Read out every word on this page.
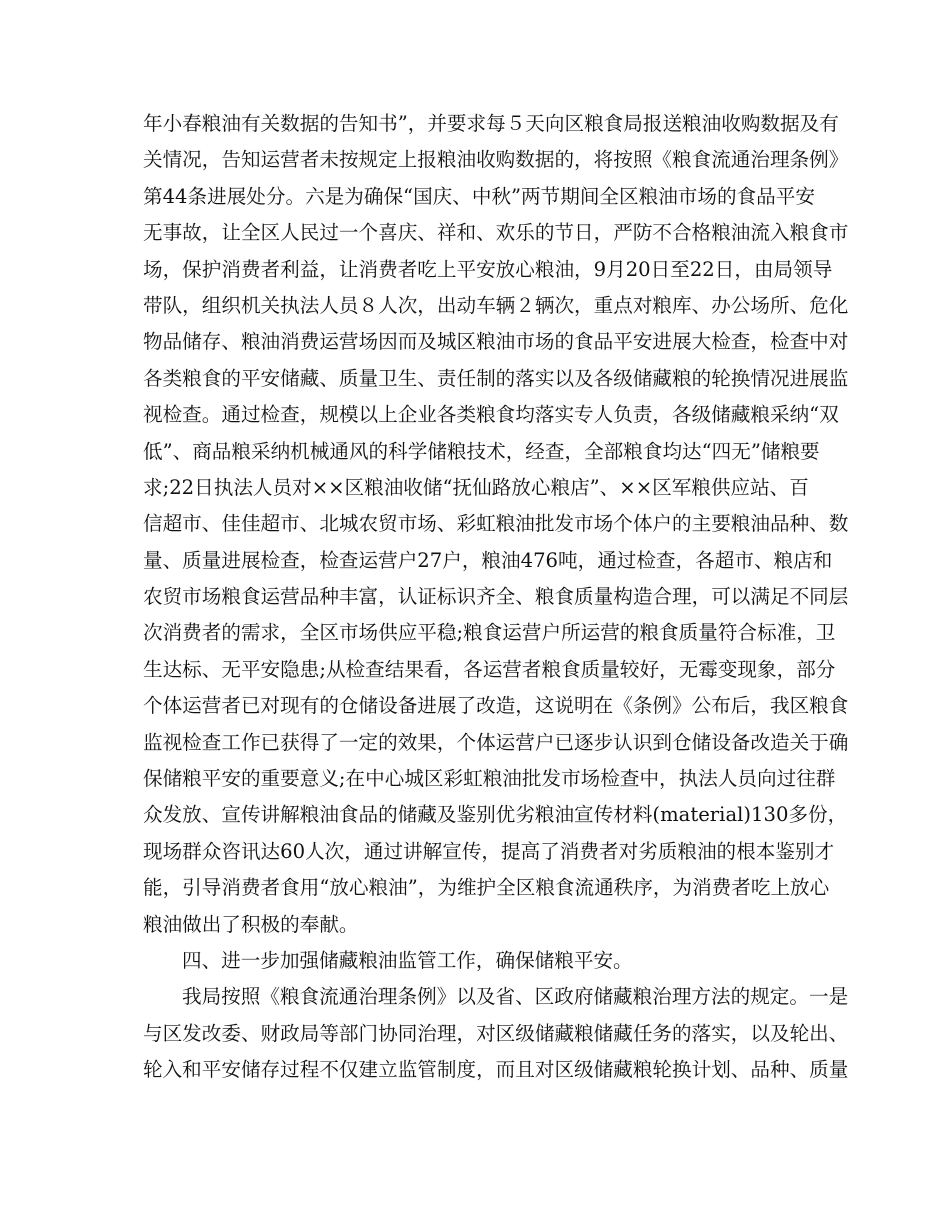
年小春粮油有关数据的告知书”，并要求每５天向区粮食局报送粮油收购数据及有
关情况，告知运营者未按规定上报粮油收购数据的，将按照《粮食流通治理条例》
第44条进展处分。六是为确保“国庆、中秋”两节期间全区粮油市场的食品平安
无事故，让全区人民过一个喜庆、祥和、欢乐的节日，严防不合格粮油流入粮食市
场，保护消费者利益，让消费者吃上平安放心粮油，9月20日至22日，由局领导
带队，组织机关执法人员８人次，出动车辆２辆次，重点对粮库、办公场所、危化
物品储存、粮油消费运营场因而及城区粮油市场的食品平安进展大检查，检查中对
各类粮食的平安储藏、质量卫生、责任制的落实以及各级储藏粮的轮换情况进展监
视检查。通过检查，规模以上企业各类粮食均落实专人负责，各级储藏粮采纳“双
低”、商品粮采纳机械通风的科学储粮技术，经查，全部粮食均达“四无”储粮要
求;22日执法人员对××区粮油收储“抚仙路放心粮店”、××区军粮供应站、百
信超市、佳佳超市、北城农贸市场、彩虹粮油批发市场个体户的主要粮油品种、数
量、质量进展检查，检查运营户27户，粮油476吨，通过检查，各超市、粮店和
农贸市场粮食运营品种丰富，认证标识齐全、粮食质量构造合理，可以满足不同层
次消费者的需求，全区市场供应平稳;粮食运营户所运营的粮食质量符合标准，卫
生达标、无平安隐患;从检查结果看，各运营者粮食质量较好，无霉变现象，部分
个体运营者已对现有的仓储设备进展了改造，这说明在《条例》公布后，我区粮食
监视检查工作已获得了一定的效果，个体运营户已逐步认识到仓储设备改造关于确
保储粮平安的重要意义;在中心城区彩虹粮油批发市场检查中，执法人员向过往群
众发放、宣传讲解粮油食品的储藏及鉴别优劣粮油宣传材料(material)130多份，
现场群众咨讯达60人次，通过讲解宣传，提高了消费者对劣质粮油的根本鉴别才
能，引导消费者食用“放心粮油”，为维护全区粮食流通秩序，为消费者吃上放心
粮油做出了积极的奉献。
四、进一步加强储藏粮油监管工作，确保储粮平安。
我局按照《粮食流通治理条例》以及省、区政府储藏粮治理方法的规定。一是
与区发改委、财政局等部门协同治理，对区级储藏粮储藏任务的落实，以及轮出、
轮入和平安储存过程不仅建立监管制度，而且对区级储藏粮轮换计划、品种、质量
